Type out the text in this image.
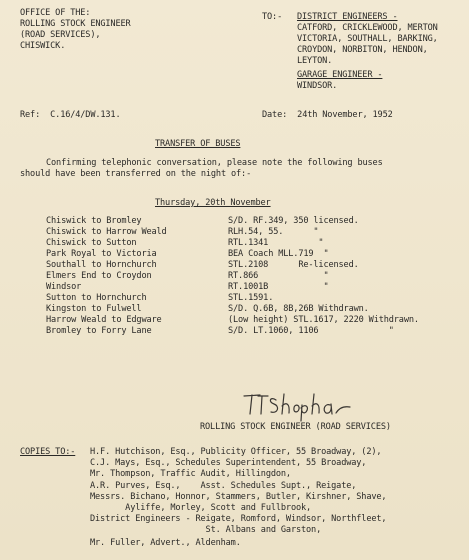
OFFICE OF THE:
ROLLING STOCK ENGINEER
(ROAD SERVICES),
CHISWICK.
TO:- DISTRICT ENGINEERS -
CATFORD, CRICKLEWOOD, MERTON
VICTORIA, SOUTHALL, BARKING,
CROYDON, NORBITON, HENDON,
LEYTON.
GARAGE ENGINEER -
WINDSOR.
Ref:  C.16/4/DW.131.	Date:  24th November, 1952
TRANSFER OF BUSES
Confirming telephonic conversation, please note the following buses
should have been transferred on the night of:-
Thursday, 20th November
Chiswick to Bromley	S/D. RF.349, 350 licensed.
Chiswick to Harrow Weald	RLH.54, 55.      "
Chiswick to Sutton	RTL.1341          "
Park Royal to Victoria	BEA Coach MLL.719  "
Southall to Hornchurch	STL.2108      Re-licensed.
Elmers End to Croydon	RT.866             "
Windsor	RT.1001B           "
Sutton to Hornchurch	STL.1591.
Kingston to Fulwell	S/D. Q.6B, 8B,26B Withdrawn.
Harrow Weald to Edgware	(Low height) STL.1617, 2220 Withdrawn.
Bromley to Forry Lane	S/D. LT.1060, 1106              "
ROLLING STOCK ENGINEER (ROAD SERVICES)
COPIES TO:- H.F. Hutchison, Esq., Publicity Officer, 55 Broadway, (2),
C.J. Mays, Esq., Schedules Superintendent, 55 Broadway,
Mr. Thompson, Traffic Audit, Hillingdon,
A.R. Purves, Esq.,    Asst. Schedules Supt., Reigate,
Messrs. Bichano, Honnor, Stammers, Butler, Kirshner, Shave,
Ayliffe, Morley, Scott and Fullbrook,
District Engineers - Reigate, Romford, Windsor, Northfleet,
St. Albans and Garston,
Mr. Fuller, Advert., Aldenham.
